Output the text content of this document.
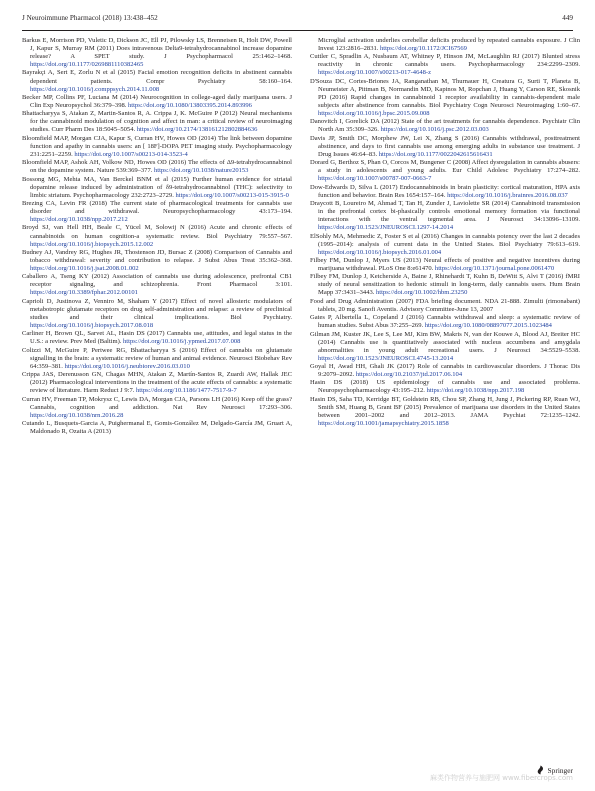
J Neuroimmune Pharmacol (2018) 13:438–452	449

Barkus E, Morrison PD, Vuletic D, Dickson JC, Ell PJ, Pilowsky LS, Brenneisen R, Holt DW, Powell J, Kapur S, Murray RM (2011) Does intravenous Delta9-tetrahydrocannabinol increase dopamine release? A SPET study. J Psychopharmacol 25:1462–1468. https://doi.org/10.1177/0269881110382465

Bayrakçi A, Sert E, Zorlu N et al (2015) Facial emotion recognition deficits in abstinent cannabis dependent patients. Compr Psychiatry 58:160–164. https://doi.org/10.1016/j.comppsych.2014.11.008

Becker MP, Collins PF, Luciana M (2014) Neurocognition in college-aged daily marijuana users. J Clin Exp Neuropsychol 36:379–398. https://doi.org/10.1080/13803395.2014.893996

Bhattacharyya S, Atakan Z, Martin-Santos R, A. Crippa J, K. McGuire P (2012) Neural mechanisms for the cannabinoid modulation of cognition and affect in man: a critical review of neuroimaging studies. Curr Pharm Des 18:5045–5054. https://doi.org/10.2174/138161212802884636

Bloomfield MAP, Morgan CJA, Kapur S, Curran HV, Howes OD (2014) The link between dopamine function and apathy in cannabis users: an [ 18F]-DOPA PET imaging study. Psychopharmacology 231:2251–2259. https://doi.org/10.1007/s00213-014-3523-4

Bloomfield MAP, Ashok AH, Volkow ND, Howes OD (2016) The effects of Δ9-tetrahydrocannabinol on the dopamine system. Nature 539:369–377. https://doi.org/10.1038/nature20153

Bossong MG, Mehta MA, Van Berckel BNM et al (2015) Further human evidence for striatal dopamine release induced by administration of δ9-tetrahydrocannabinol (THC): selectivity to limbic striatum. Psychopharmacology 232:2723–2729. https://doi.org/10.1007/s00213-015-3915-0

Brezing CA, Levin FR (2018) The current state of pharmacological treatments for cannabis use disorder and withdrawal. Neuropsychopharmacology 43:173–194. https://doi.org/10.1038/npp.2017.212

Broyd SJ, van Hell HH, Beale C, Yücel M, Solowij N (2016) Acute and chronic effects of cannabinoids on human cognition-a systematic review. Biol Psychiatry 79:557–567. https://doi.org/10.1016/j.biopsych.2015.12.002

Budney AJ, Vandrey RG, Hughes JR, Thostenson JD, Bursac Z (2008) Comparison of Cannabis and tobacco withdrawal: severity and contribution to relapse. J Subst Abus Treat 35:362–368. https://doi.org/10.1016/j.jsat.2008.01.002

Caballero A, Tseng KY (2012) Association of cannabis use during adolescence, prefrontal CB1 receptor signaling, and schizophrenia. Front Pharmacol 3:101. https://doi.org/10.3389/fphar.2012.00101

Caprioli D, Justinova Z, Venniro M, Shaham Y (2017) Effect of novel allosteric modulators of metabotropic glutamate receptors on drug self-administration and relapse: a review of preclinical studies and their clinical implications. Biol Psychiatry. https://doi.org/10.1016/j.biopsych.2017.08.018

Carliner H, Brown QL, Sarvet AL, Hasin DS (2017) Cannabis use, attitudes, and legal status in the U.S.: a review. Prev Med (Baltim). https://doi.org/10.1016/j.ypmed.2017.07.008

Colizzi M, McGuire P, Pertwee RG, Bhattacharyya S (2016) Effect of cannabis on glutamate signalling in the brain: a systematic review of human and animal evidence. Neurosci Biobehav Rev 64:359–381. https://doi.org/10.1016/j.neubiorev.2016.03.010

Crippa JAS, Derenusson GN, Chagas MHN, Atakan Z, Martín-Santos R, Zuardi AW, Hallak JEC (2012) Pharmacological interventions in the treatment of the acute effects of cannabis: a systematic review of literature. Harm Reduct J 9:7. https://doi.org/10.1186/1477-7517-9-7

Curran HV, Freeman TP, Mokrysz C, Lewis DA, Morgan CJA, Parsons LH (2016) Keep off the grass? Cannabis, cognition and addiction. Nat Rev Neurosci 17:293–306. https://doi.org/10.1038/nrn.2016.28

Cutando L, Busquets-Garcia A, Puighermanal E, Gomis-González M, Delgado-García JM, Gruart A, Maldonado R, Ozaita A (2013)

Microglial activation underlies cerebellar deficits produced by repeated cannabis exposure. J Clin Invest 123:2816–2831. https://doi.org/10.1172/JCI67569

Cuttler C, Spradlin A, Nusbaum AT, Whitney P, Hinson JM, McLaughlin RJ (2017) Blunted stress reactivity in chronic cannabis users. Psychopharmacology 234:2299–2309. https://doi.org/10.1007/s00213-017-4648-z

D'Souza DC, Cortes-Briones JA, Ranganathan M, Thurnauer H, Creatura G, Surti T, Planeta B, Neumeister A, Pittman B, Normandin MD, Kapinos M, Ropchan J, Huang Y, Carson RE, Skosnik PD (2016) Rapid changes in cannabinoid 1 receptor availability in cannabis-dependent male subjects after abstinence from cannabis. Biol Psychiatry Cogn Neurosci Neuroimaging 1:60–67. https://doi.org/10.1016/j.bpsc.2015.09.008

Danovitch I, Gorelick DA (2012) State of the art treatments for cannabis dependence. Psychiatr Clin North Am 35:309–326. https://doi.org/10.1016/j.psc.2012.03.003

Davis JP, Smith DC, Morphew JW, Lei X, Zhang S (2016) Cannabis withdrawal, posttreatment abstinence, and days to first cannabis use among emerging adults in substance use treatment. J Drug Issues 46:64–83. https://doi.org/10.1177/0022042615616431

Dorard G, Berthoz S, Phan O, Corcos M, Bungener C (2008) Affect dysregulation in cannabis abusers: a study in adolescents and young adults. Eur Child Adolesc Psychiatry 17:274–282. https://doi.org/10.1007/s00787-007-0663-7

Dow-Edwards D, Silva L (2017) Endocannabinoids in brain plasticity: cortical maturation, HPA axis function and behavior. Brain Res 1654:157–164. https://doi.org/10.1016/j.brainres.2016.08.037

Draycott B, Loureiro M, Ahmad T, Tan H, Zunder J, Laviolette SR (2014) Cannabinoid transmission in the prefrontal cortex bi-phasically controls emotional memory formation via functional interactions with the ventral tegmental area. J Neurosci 34:13096–13109. https://doi.org/10.1523/JNEUROSCI.1297-14.2014

ElSohly MA, Mehmedic Z, Foster S et al (2016) Changes in cannabis potency over the last 2 decades (1995–2014): analysis of current data in the United States. Biol Psychiatry 79:613–619. https://doi.org/10.1016/j.biopsych.2016.01.004

Filbey FM, Dunlop J, Myers US (2013) Neural effects of positive and negative incentives during marijuana withdrawal. PLoS One 8:e61470. https://doi.org/10.1371/journal.pone.0061470

Filbey FM, Dunlop J, Ketcherside A, Baine J, Rhinehardt T, Kuhn B, DeWitt S, Alvi T (2016) fMRI study of neural sensitization to hedonic stimuli in long-term, daily cannabis users. Hum Brain Mapp 37:3431–3443. https://doi.org/10.1002/hbm.23250

Food and Drug Administration (2007) FDA briefing document. NDA 21-888. Zimulti (rimonabant) tablets, 20 mg. Sanofi Aventis. Advisory Committee-June 13, 2007

Gates P, Albertella L, Copeland J (2016) Cannabis withdrawal and sleep: a systematic review of human studies. Subst Abus 37:255–269. https://doi.org/10.1080/08897077.2015.1023484

Gilman JM, Kuster JK, Lee S, Lee MJ, Kim BW, Makris N, van der Kouwe A, Blood AJ, Breiter HC (2014) Cannabis use is quantitatively associated with nucleus accumbens and amygdala abnormalities in young adult recreational users. J Neurosci 34:5529–5538. https://doi.org/10.1523/JNEUROSCI.4745-13.2014

Goyal H, Awad HH, Ghali JK (2017) Role of cannabis in cardiovascular disorders. J Thorac Dis 9:2079–2092. https://doi.org/10.21037/jtd.2017.06.104

Hasin DS (2018) US epidemiology of cannabis use and associated problems. Neuropsychopharmacology 43:195–212. https://doi.org/10.1038/npp.2017.198

Hasin DS, Saha TD, Kerridge BT, Goldstein RB, Chou SP, Zhang H, Jung J, Pickering RP, Ruan WJ, Smith SM, Huang B, Grant BF (2015) Prevalence of marijuana use disorders in the United States between 2001–2002 and 2012–2013. JAMA Psychiat 72:1235–1242. https://doi.org/10.1001/jamapsychiatry.2015.1858

Springer
麻类作物营养与施肥网 www.fibercrops.com
